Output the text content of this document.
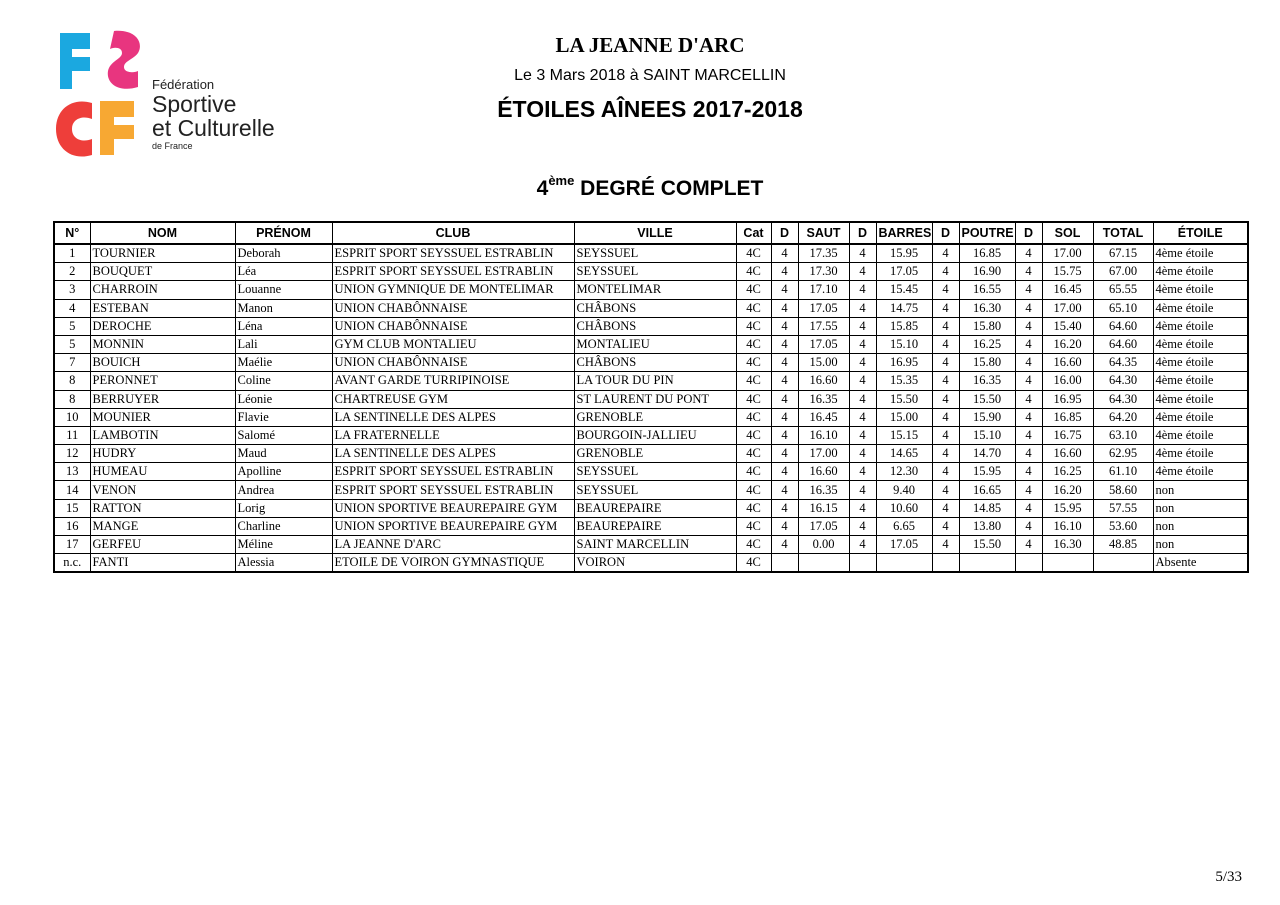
Fédération
Sportive
et Culturelle
de France
LA JEANNE D'ARC
Le 3 Mars 2018 à SAINT MARCELLIN
ÉTOILES AÎNEES 2017-2018
4ème DEGRÉ COMPLET
N°	NOM	PRÉNOM	CLUB	VILLE	Cat	D	SAUT	D	BARRES	D	POUTRE	D	SOL	TOTAL	ÉTOILE
1	TOURNIER	Deborah	ESPRIT SPORT SEYSSUEL ESTRABLIN	SEYSSUEL	4C	4	17.35	4	15.95	4	16.85	4	17.00	67.15	4ème étoile
2	BOUQUET	Léa	ESPRIT SPORT SEYSSUEL ESTRABLIN	SEYSSUEL	4C	4	17.30	4	17.05	4	16.90	4	15.75	67.00	4ème étoile
3	CHARROIN	Louanne	UNION GYMNIQUE DE MONTELIMAR	MONTELIMAR	4C	4	17.10	4	15.45	4	16.55	4	16.45	65.55	4ème étoile
4	ESTEBAN	Manon	UNION CHABÔNNAISE	CHÂBONS	4C	4	17.05	4	14.75	4	16.30	4	17.00	65.10	4ème étoile
5	DEROCHE	Léna	UNION CHABÔNNAISE	CHÂBONS	4C	4	17.55	4	15.85	4	15.80	4	15.40	64.60	4ème étoile
5	MONNIN	Lali	GYM CLUB MONTALIEU	MONTALIEU	4C	4	17.05	4	15.10	4	16.25	4	16.20	64.60	4ème étoile
7	BOUICH	Maélie	UNION CHABÔNNAISE	CHÂBONS	4C	4	15.00	4	16.95	4	15.80	4	16.60	64.35	4ème étoile
8	PERONNET	Coline	AVANT GARDE TURRIPINOISE	LA TOUR DU PIN	4C	4	16.60	4	15.35	4	16.35	4	16.00	64.30	4ème étoile
8	BERRUYER	Léonie	CHARTREUSE GYM	ST LAURENT DU PONT	4C	4	16.35	4	15.50	4	15.50	4	16.95	64.30	4ème étoile
10	MOUNIER	Flavie	LA SENTINELLE DES ALPES	GRENOBLE	4C	4	16.45	4	15.00	4	15.90	4	16.85	64.20	4ème étoile
11	LAMBOTIN	Salomé	LA FRATERNELLE	BOURGOIN-JALLIEU	4C	4	16.10	4	15.15	4	15.10	4	16.75	63.10	4ème étoile
12	HUDRY	Maud	LA SENTINELLE DES ALPES	GRENOBLE	4C	4	17.00	4	14.65	4	14.70	4	16.60	62.95	4ème étoile
13	HUMEAU	Apolline	ESPRIT SPORT SEYSSUEL ESTRABLIN	SEYSSUEL	4C	4	16.60	4	12.30	4	15.95	4	16.25	61.10	4ème étoile
14	VENON	Andrea	ESPRIT SPORT SEYSSUEL ESTRABLIN	SEYSSUEL	4C	4	16.35	4	9.40	4	16.65	4	16.20	58.60	non
15	RATTON	Lorig	UNION SPORTIVE BEAUREPAIRE GYM	BEAUREPAIRE	4C	4	16.15	4	10.60	4	14.85	4	15.95	57.55	non
16	MANGE	Charline	UNION SPORTIVE BEAUREPAIRE GYM	BEAUREPAIRE	4C	4	17.05	4	6.65	4	13.80	4	16.10	53.60	non
17	GERFEU	Méline	LA JEANNE D'ARC	SAINT MARCELLIN	4C	4	0.00	4	17.05	4	15.50	4	16.30	48.85	non
n.c.	FANTI	Alessia	ETOILE DE VOIRON GYMNASTIQUE	VOIRON	4C										Absente
5/33
